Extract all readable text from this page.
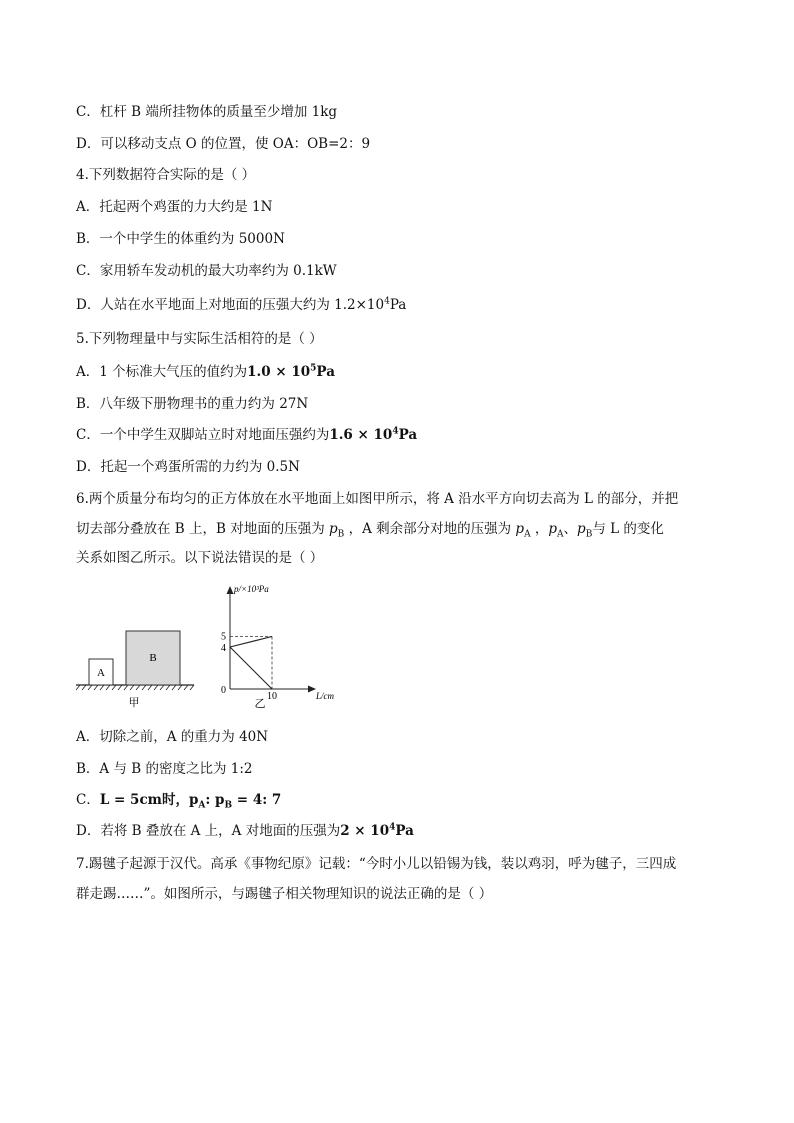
C．杠杆 B 端所挂物体的质量至少增加 1kg
D．可以移动支点 O 的位置，使 OA：OB=2：9
4.下列数据符合实际的是（ ）
A．托起两个鸡蛋的力大约是 1N
B．一个中学生的体重约为 5000N
C．家用轿车发动机的最大功率约为 0.1kW
D．人站在水平地面上对地面的压强大约为 $1.2\times 10^4Pa$
5.下列物理量中与实际生活相符的是（ ）
A．1 个标准大气压的值约为$1.0 \times 10^5Pa$
B．八年级下册物理书的重力约为 27N
C．一个中学生双脚站立时对地面压强约为$1.6 \times 10^4Pa$
D．托起一个鸡蛋所需的力约为 0.5N
6.两个质量分布均匀的正方体放在水平地面上如图甲所示，将 A 沿水平方向切去高为 L 的部分，并把
切去部分叠放在 B 上，B 对地面的压强为 $p_B$ ，A 剩余部分对地的压强为 $p_A$ ，$p_A$、$p_B$与 L 的变化
关系如图乙所示。以下说法错误的是（ ）
A
B
甲
p/×10³Pa
L/cm
5
4
0
10
乙
A．切除之前，A 的重力为 40N
B．A 与 B 的密度之比为 1:2
C．L = 5cm时，$p_A$: $p_B = 4$: 7
D．若将 B 叠放在 A 上，A 对地面的压强为$2 \times 10^4Pa$
7.踢毽子起源于汉代。高承《事物纪原》记载：“今时小儿以铅锡为钱，装以鸡羽，呼为毽子，三四成
群走踢……”。如图所示，与踢毽子相关物理知识的说法正确的是（ ）
